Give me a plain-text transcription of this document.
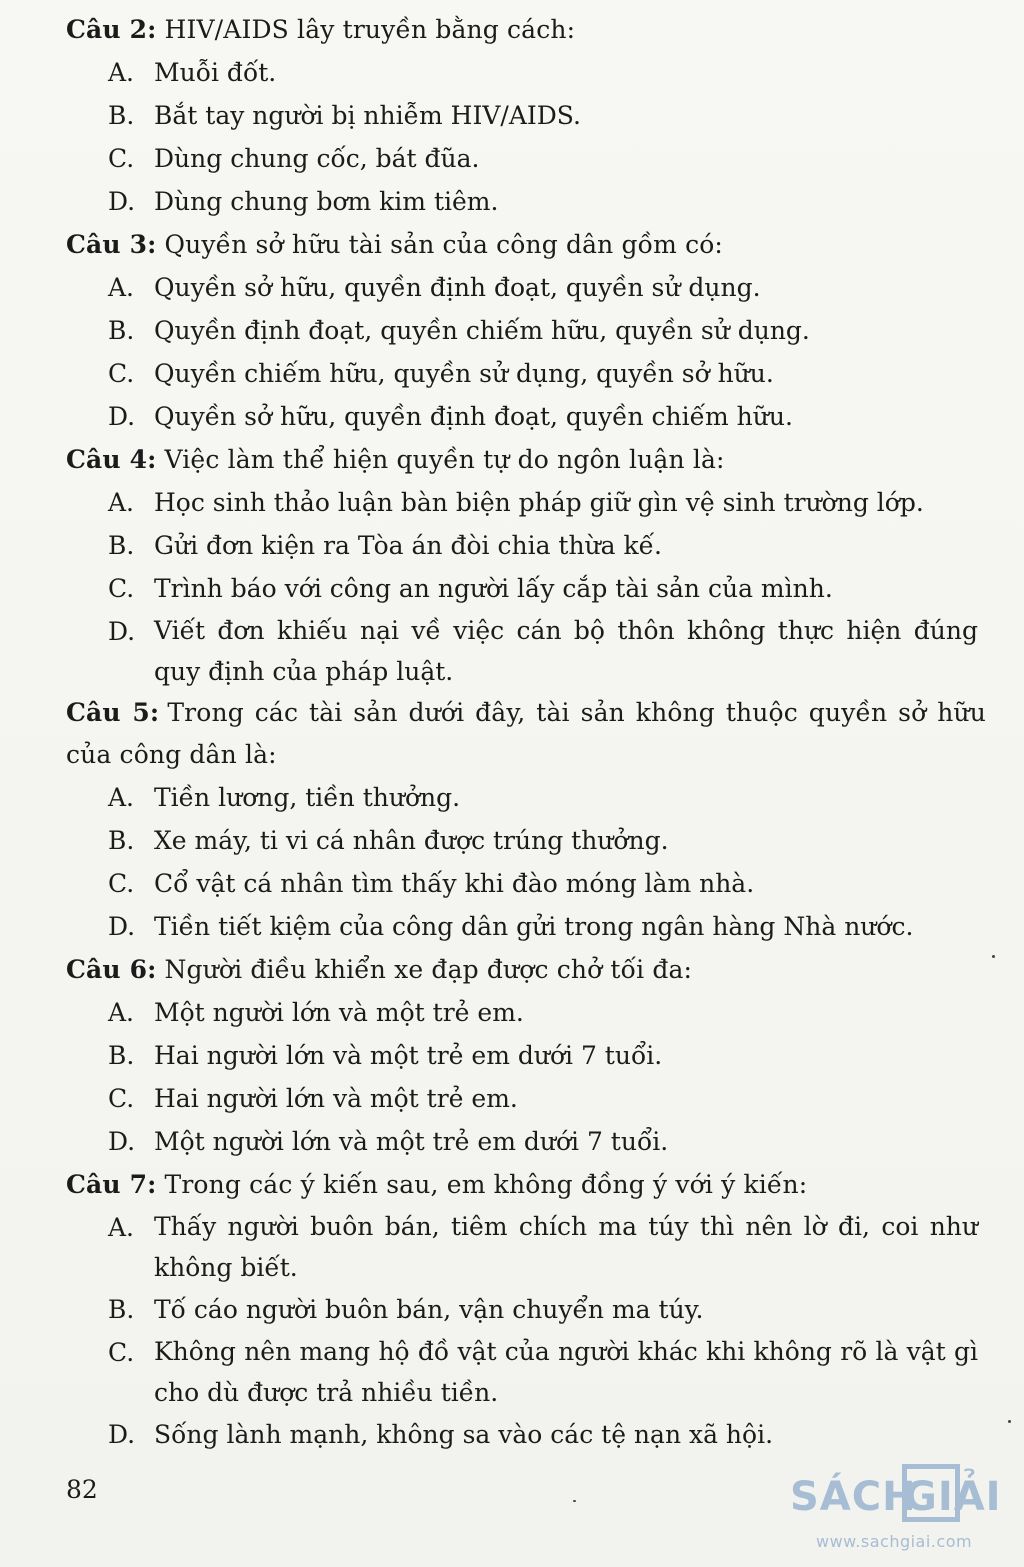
Câu 2: HIV/AIDS lây truyền bằng cách:
A. Muỗi đốt.
B. Bắt tay người bị nhiễm HIV/AIDS.
C. Dùng chung cốc, bát đũa.
D. Dùng chung bơm kim tiêm.
Câu 3: Quyền sở hữu tài sản của công dân gồm có:
A. Quyền sở hữu, quyền định đoạt, quyền sử dụng.
B. Quyền định đoạt, quyền chiếm hữu, quyền sử dụng.
C. Quyền chiếm hữu, quyền sử dụng, quyền sở hữu.
D. Quyền sở hữu, quyền định đoạt, quyền chiếm hữu.
Câu 4: Việc làm thể hiện quyền tự do ngôn luận là:
A. Học sinh thảo luận bàn biện pháp giữ gìn vệ sinh trường lớp.
B. Gửi đơn kiện ra Tòa án đòi chia thừa kế.
C. Trình báo với công an người lấy cắp tài sản của mình.
D. Viết đơn khiếu nại về việc cán bộ thôn không thực hiện đúng quy định của pháp luật.
Câu 5: Trong các tài sản dưới đây, tài sản không thuộc quyền sở hữu của công dân là:
A. Tiền lương, tiền thưởng.
B. Xe máy, ti vi cá nhân được trúng thưởng.
C. Cổ vật cá nhân tìm thấy khi đào móng làm nhà.
D. Tiền tiết kiệm của công dân gửi trong ngân hàng Nhà nước.
Câu 6: Người điều khiển xe đạp được chở tối đa:
A. Một người lớn và một trẻ em.
B. Hai người lớn và một trẻ em dưới 7 tuổi.
C. Hai người lớn và một trẻ em.
D. Một người lớn và một trẻ em dưới 7 tuổi.
Câu 7: Trong các ý kiến sau, em không đồng ý với ý kiến:
A. Thấy người buôn bán, tiêm chích ma túy thì nên lờ đi, coi như không biết.
B. Tố cáo người buôn bán, vận chuyển ma túy.
C. Không nên mang hộ đồ vật của người khác khi không rõ là vật gì cho dù được trả nhiều tiền.
D. Sống lành mạnh, không sa vào các tệ nạn xã hội.
82	SÁCH
GIẢI
www.sachgiai.com
